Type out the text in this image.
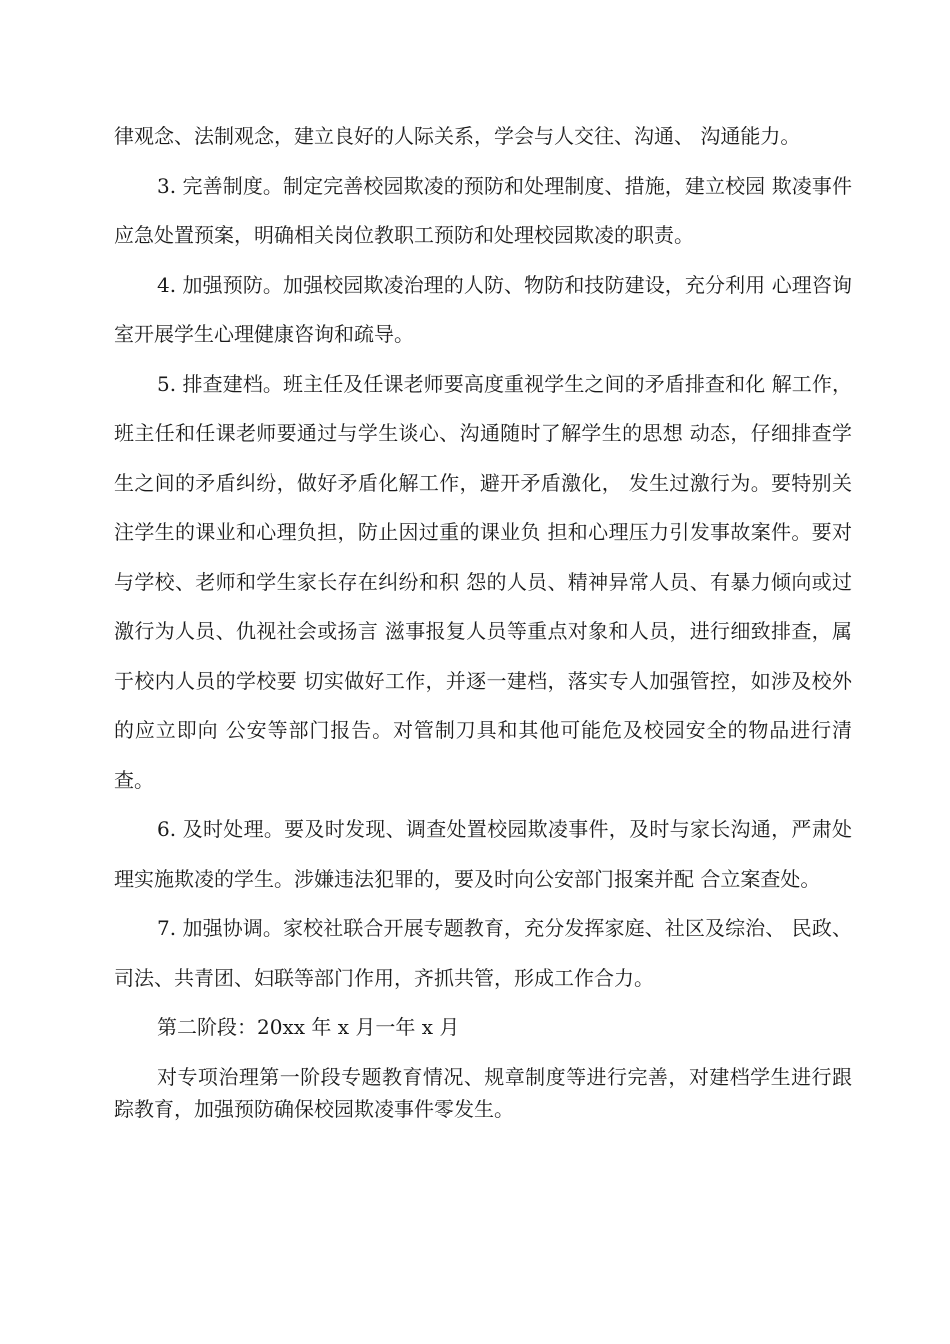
律观念、法制观念，建立良好的人际关系，学会与人交往、沟通、 沟通能力。

3. 完善制度。制定完善校园欺凌的预防和处理制度、措施，建立校园 欺凌事件应急处置预案，明确相关岗位教职工预防和处理校园欺凌的职责。

4. 加强预防。加强校园欺凌治理的人防、物防和技防建设，充分利用 心理咨询室开展学生心理健康咨询和疏导。

5. 排查建档。班主任及任课老师要高度重视学生之间的矛盾排查和化 解工作，班主任和任课老师要通过与学生谈心、沟通随时了解学生的思想 动态，仔细排查学生之间的矛盾纠纷，做好矛盾化解工作，避开矛盾激化， 发生过激行为。要特别关注学生的课业和心理负担，防止因过重的课业负 担和心理压力引发事故案件。要对与学校、老师和学生家长存在纠纷和积 怨的人员、精神异常人员、有暴力倾向或过激行为人员、仇视社会或扬言 滋事报复人员等重点对象和人员，进行细致排查，属于校内人员的学校要 切实做好工作，并逐一建档，落实专人加强管控，如涉及校外的应立即向 公安等部门报告。对管制刀具和其他可能危及校园安全的物品进行清查。

6. 及时处理。要及时发现、调查处置校园欺凌事件，及时与家长沟通，严肃处理实施欺凌的学生。涉嫌违法犯罪的，要及时向公安部门报案并配 合立案查处。

7. 加强协调。家校社联合开展专题教育，充分发挥家庭、社区及综治、 民政、司法、共青团、妇联等部门作用，齐抓共管，形成工作合力。

第二阶段：20xx 年 x 月一年 x 月

对专项治理第一阶段专题教育情况、规章制度等进行完善，对建档学生进行跟踪教育，加强预防确保校园欺凌事件零发生。
